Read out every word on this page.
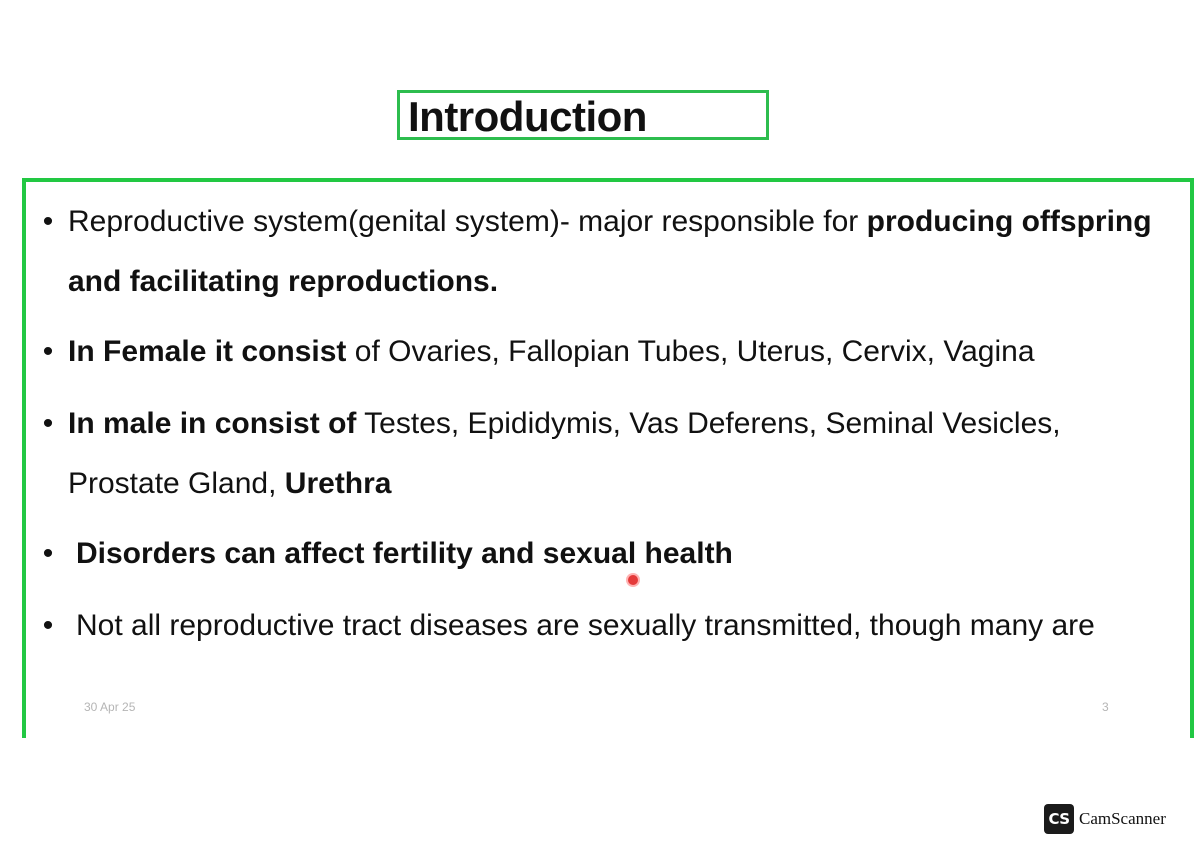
Introduction
• Reproductive system(genital system)- major responsible for producing offspring and facilitating reproductions.
• In Female it consist of Ovaries, Fallopian Tubes, Uterus, Cervix, Vagina
• In male in consist of Testes, Epididymis, Vas Deferens, Seminal Vesicles, Prostate Gland, Urethra
• Disorders can affect fertility and sexual health
• Not all reproductive tract diseases are sexually transmitted, though many are
30 Apr 25	3
CS CamScanner
